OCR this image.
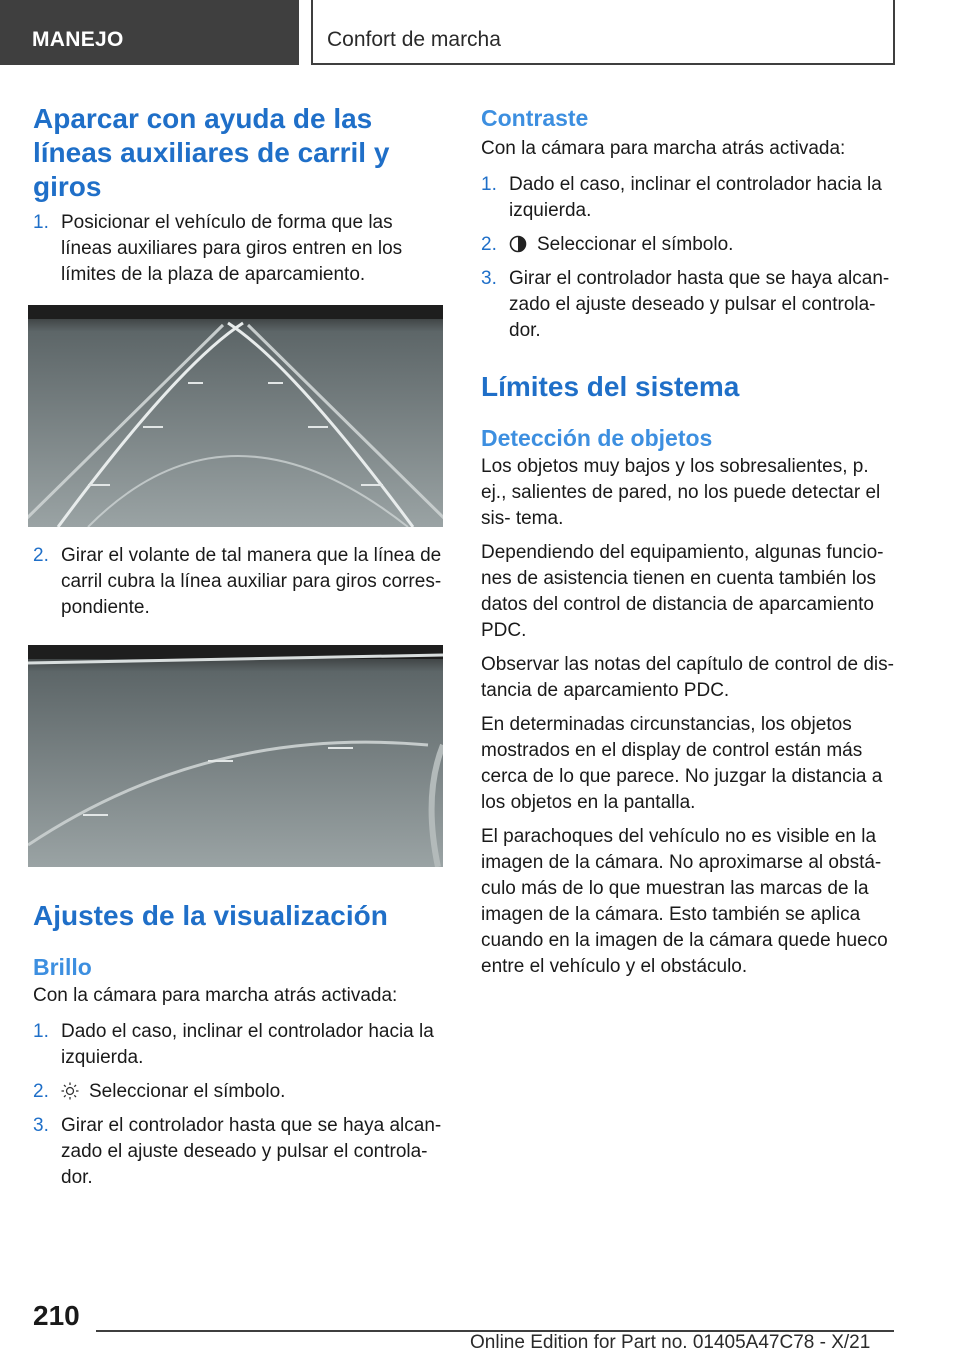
MANEJO	Confort de marcha
Aparcar con ayuda de las líneas auxiliares de carril y giros
1. Posicionar el vehículo de forma que las líneas auxiliares para giros entren en los límites de la plaza de aparcamiento.
2. Girar el volante de tal manera que la línea de carril cubra la línea auxiliar para giros corres‐ pondiente.
Ajustes de la visualización
Brillo

Con la cámara para marcha atrás activada:

1. Dado el caso, inclinar el controlador hacia la izquierda.
2. Seleccionar el símbolo.
3. Girar el controlador hasta que se haya alcan‐ zado el ajuste deseado y pulsar el controla‐ dor.
Contraste

Con la cámara para marcha atrás activada:

1. Dado el caso, inclinar el controlador hacia la izquierda.
2. Seleccionar el símbolo.
3. Girar el controlador hasta que se haya alcan‐ zado el ajuste deseado y pulsar el controla‐ dor.
Límites del sistema
Detección de objetos

Los objetos muy bajos y los sobresalientes, p. ej., salientes de pared, no los puede detectar el sis‐ tema.

Dependiendo del equipamiento, algunas funcio‐ nes de asistencia tienen en cuenta también los datos del control de distancia de aparcamiento PDC.

Observar las notas del capítulo de control de dis‐ tancia de aparcamiento PDC.

En determinadas circunstancias, los objetos mostrados en el display de control están más cerca de lo que parece. No juzgar la distancia a los objetos en la pantalla.

El parachoques del vehículo no es visible en la imagen de la cámara. No aproximarse al obstá‐ culo más de lo que muestran las marcas de la imagen de la cámara. Esto también se aplica cuando en la imagen de la cámara quede hueco entre el vehículo y el obstáculo.

210
Online Edition for Part no. 01405A47C78 - X/21
